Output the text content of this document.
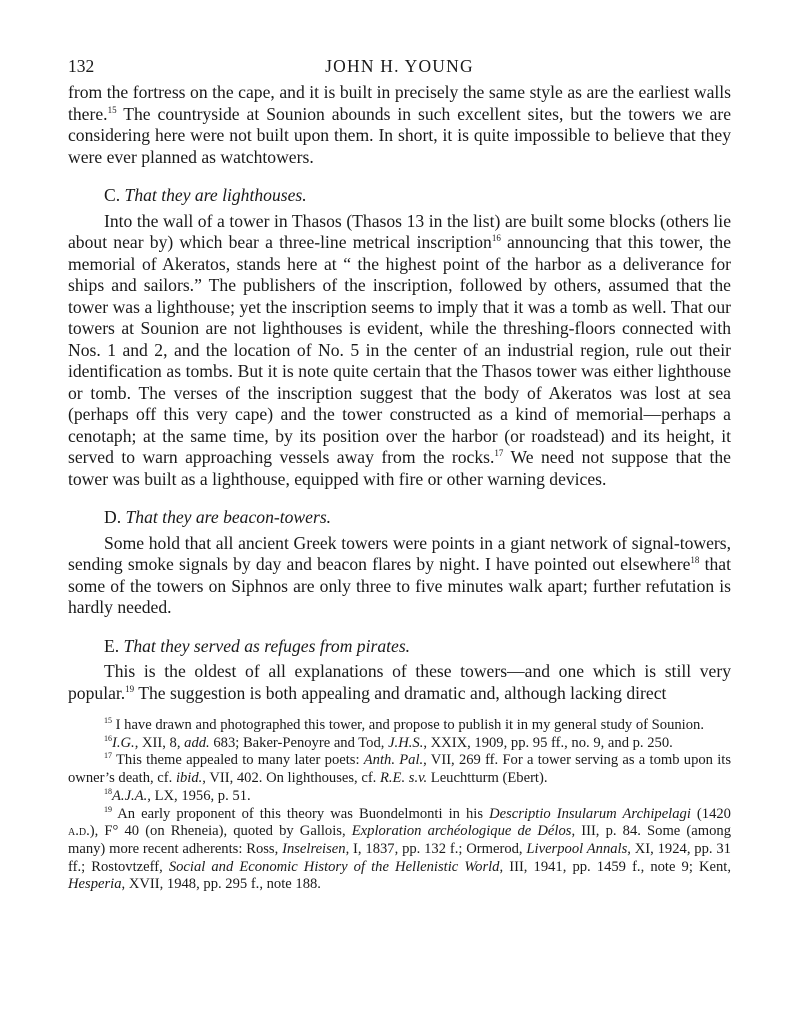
132	JOHN H. YOUNG

from the fortress on the cape, and it is built in precisely the same style as are the earliest walls there.$^{15}$ The countryside at Sounion abounds in such excellent sites, but the towers we are considering here were not built upon them. In short, it is quite impossible to believe that they were ever planned as watchtowers.

C. That they are lighthouses.

Into the wall of a tower in Thasos (Thasos 13 in the list) are built some blocks (others lie about near by) which bear a three-line metrical inscription$^{16}$ announcing that this tower, the memorial of Akeratos, stands here at “ the highest point of the harbor as a deliverance for ships and sailors.” The publishers of the inscription, followed by others, assumed that the tower was a lighthouse; yet the inscription seems to imply that it was a tomb as well. That our towers at Sounion are not lighthouses is evident, while the threshing-floors connected with Nos. 1 and 2, and the location of No. 5 in the center of an industrial region, rule out their identification as tombs. But it is note quite certain that the Thasos tower was either lighthouse or tomb. The verses of the inscription suggest that the body of Akeratos was lost at sea (perhaps off this very cape) and the tower constructed as a kind of memorial—perhaps a cenotaph; at the same time, by its position over the harbor (or roadstead) and its height, it served to warn approaching vessels away from the rocks.$^{17}$ We need not suppose that the tower was built as a lighthouse, equipped with fire or other warning devices.

D. That they are beacon-towers.

Some hold that all ancient Greek towers were points in a giant network of signal-towers, sending smoke signals by day and beacon flares by night. I have pointed out elsewhere$^{18}$ that some of the towers on Siphnos are only three to five minutes walk apart; further refutation is hardly needed.

E. That they served as refuges from pirates.

This is the oldest of all explanations of these towers—and one which is still very popular.$^{19}$ The suggestion is both appealing and dramatic and, although lacking direct

$^{15}$ I have drawn and photographed this tower, and propose to publish it in my general study of Sounion.

$^{16}$I.G., XII, 8, add. 683; Baker-Penoyre and Tod, J.H.S., XXIX, 1909, pp. 95 ff., no. 9, and p. 250.

$^{17}$ This theme appealed to many later poets: Anth. Pal., VII, 269 ff. For a tower serving as a tomb upon its owner’s death, cf. ibid., VII, 402. On lighthouses, cf. R.E. s.v. Leuchtturm (Ebert).

$^{18}$A.J.A., LX, 1956, p. 51.

$^{19}$ An early proponent of this theory was Buondelmonti in his Descriptio Insularum Archipelagi (1420 a.d.), F° 40 (on Rheneia), quoted by Gallois, Exploration archéologique de Délos, III, p. 84. Some (among many) more recent adherents: Ross, Inselreisen, I, 1837, pp. 132 f.; Ormerod, Liverpool Annals, XI, 1924, pp. 31 ff.; Rostovtzeff, Social and Economic History of the Hellenistic World, III, 1941, pp. 1459 f., note 9; Kent, Hesperia, XVII, 1948, pp. 295 f., note 188.
